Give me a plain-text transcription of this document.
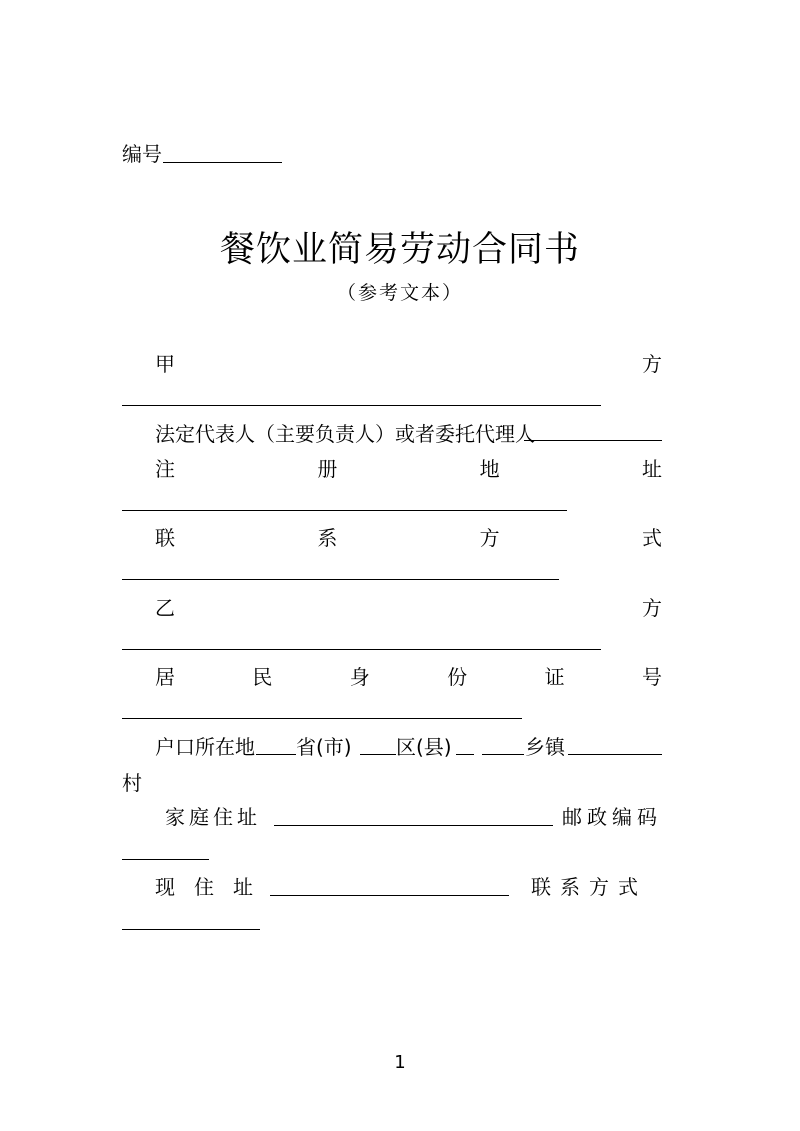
编号
餐饮业简易劳动合同书
（参考文本）
甲	方
法定代表人（主要负责人）或者委托代理人
注	册	地	址
联	系	方	式
乙	方
居	民	身	份	证	号
户口所在地 省(市) 区(县)	乡镇
村
家庭住址	邮政编码
现住址	联系方式
1
